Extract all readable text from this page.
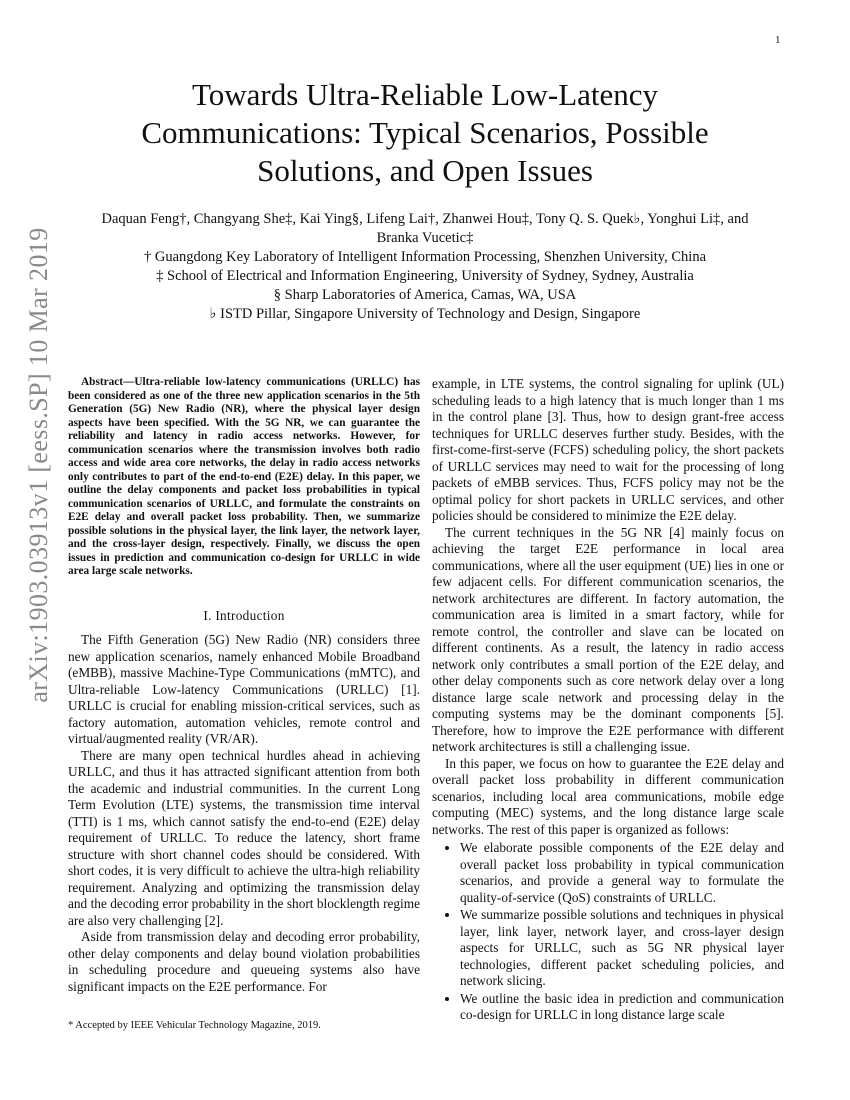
1
arXiv:1903.03913v1 [eess.SP] 10 Mar 2019
Towards Ultra-Reliable Low-Latency
Communications: Typical Scenarios, Possible
Solutions, and Open Issues
Daquan Feng†, Changyang She‡, Kai Ying§, Lifeng Lai†, Zhanwei Hou‡, Tony Q. S. Quek♭, Yonghui Li‡, and
Branka Vucetic‡
† Guangdong Key Laboratory of Intelligent Information Processing, Shenzhen University, China
‡ School of Electrical and Information Engineering, University of Sydney, Sydney, Australia
§ Sharp Laboratories of America, Camas, WA, USA
♭ ISTD Pillar, Singapore University of Technology and Design, Singapore
Abstract—Ultra-reliable low-latency communications (URLLC) has been considered as one of the three new application scenarios in the 5th Generation (5G) New Radio (NR), where the physical layer design aspects have been specified. With the 5G NR, we can guarantee the reliability and latency in radio access networks. However, for communication scenarios where the transmission involves both radio access and wide area core networks, the delay in radio access networks only contributes to part of the end-to-end (E2E) delay. In this paper, we outline the delay components and packet loss probabilities in typical communication scenarios of URLLC, and formulate the constraints on E2E delay and overall packet loss probability. Then, we summarize possible solutions in the physical layer, the link layer, the network layer, and the cross-layer design, respectively. Finally, we discuss the open issues in prediction and communication co-design for URLLC in wide area large scale networks.
I. Introduction

The Fifth Generation (5G) New Radio (NR) considers three new application scenarios, namely enhanced Mobile Broadband (eMBB), massive Machine-Type Communications (mMTC), and Ultra-reliable Low-latency Communications (URLLC) [1]. URLLC is crucial for enabling mission-critical services, such as factory automation, automation vehicles, remote control and virtual/augmented reality (VR/AR).

There are many open technical hurdles ahead in achieving URLLC, and thus it has attracted significant attention from both the academic and industrial communities. In the current Long Term Evolution (LTE) systems, the transmission time interval (TTI) is 1 ms, which cannot satisfy the end-to-end (E2E) delay requirement of URLLC. To reduce the latency, short frame structure with short channel codes should be considered. With short codes, it is very difficult to achieve the ultra-high reliability requirement. Analyzing and optimizing the transmission delay and the decoding error probability in the short blocklength regime are also very challenging [2].

Aside from transmission delay and decoding error probability, other delay components and delay bound violation probabilities in scheduling procedure and queueing systems also have significant impacts on the E2E performance. For

* Accepted by IEEE Vehicular Technology Magazine, 2019.

example, in LTE systems, the control signaling for uplink (UL) scheduling leads to a high latency that is much longer than 1 ms in the control plane [3]. Thus, how to design grant-free access techniques for URLLC deserves further study. Besides, with the first-come-first-serve (FCFS) scheduling policy, the short packets of URLLC services may need to wait for the processing of long packets of eMBB services. Thus, FCFS policy may not be the optimal policy for short packets in URLLC services, and other policies should be considered to minimize the E2E delay.

The current techniques in the 5G NR [4] mainly focus on achieving the target E2E performance in local area communications, where all the user equipment (UE) lies in one or few adjacent cells. For different communication scenarios, the network architectures are different. In factory automation, the communication area is limited in a smart factory, while for remote control, the controller and slave can be located on different continents. As a result, the latency in radio access network only contributes a small portion of the E2E delay, and other delay components such as core network delay over a long distance large scale network and processing delay in the computing systems may be the dominant components [5]. Therefore, how to improve the E2E performance with different network architectures is still a challenging issue.

In this paper, we focus on how to guarantee the E2E delay and overall packet loss probability in different communication scenarios, including local area communications, mobile edge computing (MEC) systems, and the long distance large scale networks. The rest of this paper is organized as follows:

• We elaborate possible components of the E2E delay and overall packet loss probability in typical communication scenarios, and provide a general way to formulate the quality-of-service (QoS) constraints of URLLC.
• We summarize possible solutions and techniques in physical layer, link layer, network layer, and cross-layer design aspects for URLLC, such as 5G NR physical layer technologies, different packet scheduling policies, and network slicing.
• We outline the basic idea in prediction and communication co-design for URLLC in long distance large scale
